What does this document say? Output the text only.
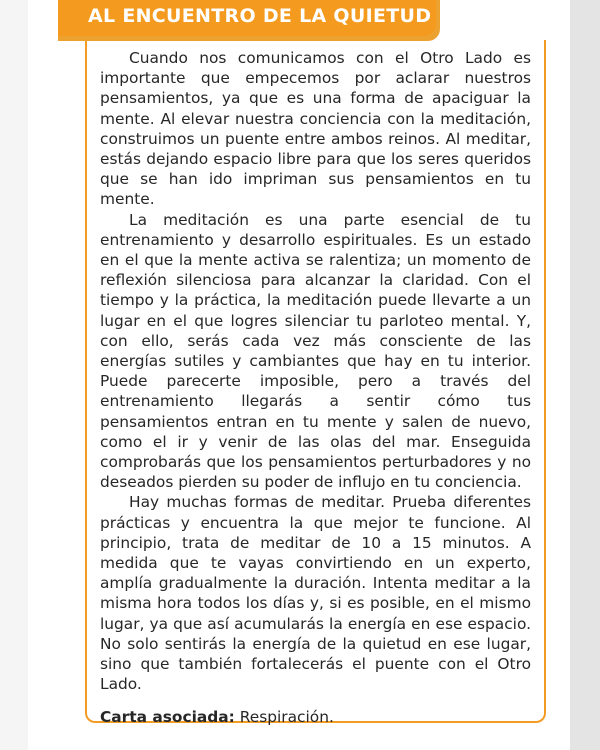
AL ENCUENTRO DE LA QUIETUD

Cuando nos comunicamos con el Otro Lado es importante que empecemos por aclarar nuestros pensamientos, ya que es una forma de apaciguar la mente. Al elevar nuestra conciencia con la meditación, construimos un puente entre ambos reinos. Al meditar, estás dejando espacio libre para que los seres queridos que se han ido impriman sus pensamientos en tu mente.

La meditación es una parte esencial de tu entrenamiento y desarrollo espirituales. Es un estado en el que la mente activa se ralentiza; un momento de reflexión silenciosa para alcanzar la claridad. Con el tiempo y la práctica, la meditación puede llevarte a un lugar en el que logres silenciar tu parloteo mental. Y, con ello, serás cada vez más consciente de las energías sutiles y cambiantes que hay en tu interior. Puede parecerte imposible, pero a través del entrenamiento llegarás a sentir cómo tus pensamientos entran en tu mente y salen de nuevo, como el ir y venir de las olas del mar. Enseguida comprobarás que los pensamientos perturbadores y no deseados pierden su poder de influjo en tu conciencia.

Hay muchas formas de meditar. Prueba diferentes prácticas y encuentra la que mejor te funcione. Al principio, trata de meditar de 10 a 15 minutos. A medida que te vayas convirtiendo en un experto, amplía gradualmente la duración. Intenta meditar a la misma hora todos los días y, si es posible, en el mismo lugar, ya que así acumularás la energía en ese espacio. No solo sentirás la energía de la quietud en ese lugar, sino que también fortalecerás el puente con el Otro Lado.

Carta asociada: Respiración.
